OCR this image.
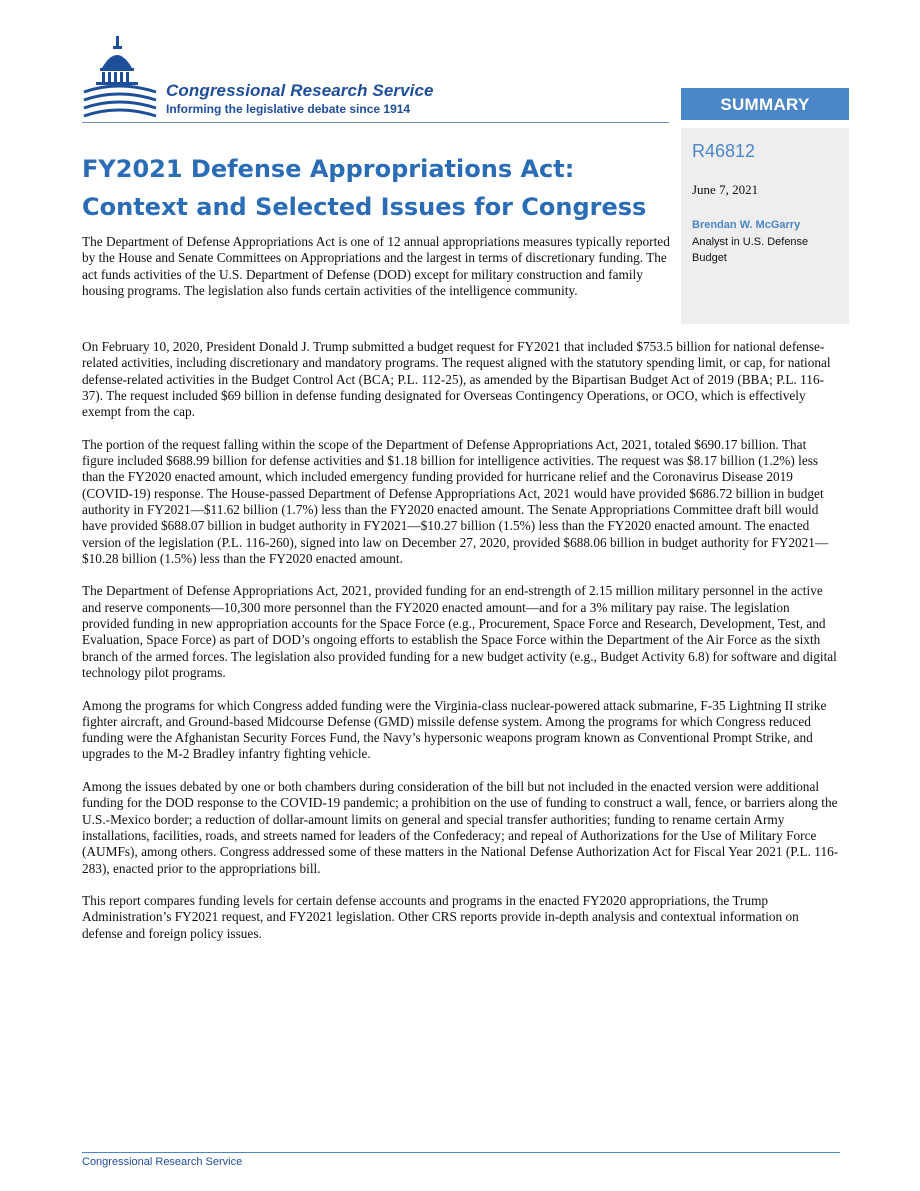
Congressional Research Service
Informing the legislative debate since 1914	SUMMARY
R46812
June 7, 2021
Brendan W. McGarry
Analyst in U.S. Defense Budget
FY2021 Defense Appropriations Act: Context and Selected Issues for Congress

The Department of Defense Appropriations Act is one of 12 annual appropriations measures typically reported by the House and Senate Committees on Appropriations and the largest in terms of discretionary funding. The act funds activities of the U.S. Department of Defense (DOD) except for military construction and family housing programs. The legislation also funds certain activities of the intelligence community.

On February 10, 2020, President Donald J. Trump submitted a budget request for FY2021 that included $753.5 billion for national defense-related activities, including discretionary and mandatory programs. The request aligned with the statutory spending limit, or cap, for national defense-related activities in the Budget Control Act (BCA; P.L. 112-25), as amended by the Bipartisan Budget Act of 2019 (BBA; P.L. 116-37). The request included $69 billion in defense funding designated for Overseas Contingency Operations, or OCO, which is effectively exempt from the cap.

The portion of the request falling within the scope of the Department of Defense Appropriations Act, 2021, totaled $690.17 billion. That figure included $688.99 billion for defense activities and $1.18 billion for intelligence activities. The request was $8.17 billion (1.2%) less than the FY2020 enacted amount, which included emergency funding provided for hurricane relief and the Coronavirus Disease 2019 (COVID-19) response. The House-passed Department of Defense Appropriations Act, 2021 would have provided $686.72 billion in budget authority in FY2021—$11.62 billion (1.7%) less than the FY2020 enacted amount. The Senate Appropriations Committee draft bill would have provided $688.07 billion in budget authority in FY2021—$10.27 billion (1.5%) less than the FY2020 enacted amount. The enacted version of the legislation (P.L. 116-260), signed into law on December 27, 2020, provided $688.06 billion in budget authority for FY2021—$10.28 billion (1.5%) less than the FY2020 enacted amount.

The Department of Defense Appropriations Act, 2021, provided funding for an end-strength of 2.15 million military personnel in the active and reserve components—10,300 more personnel than the FY2020 enacted amount—and for a 3% military pay raise. The legislation provided funding in new appropriation accounts for the Space Force (e.g., Procurement, Space Force and Research, Development, Test, and Evaluation, Space Force) as part of DOD’s ongoing efforts to establish the Space Force within the Department of the Air Force as the sixth branch of the armed forces. The legislation also provided funding for a new budget activity (e.g., Budget Activity 6.8) for software and digital technology pilot programs.

Among the programs for which Congress added funding were the Virginia-class nuclear-powered attack submarine, F-35 Lightning II strike fighter aircraft, and Ground-based Midcourse Defense (GMD) missile defense system. Among the programs for which Congress reduced funding were the Afghanistan Security Forces Fund, the Navy’s hypersonic weapons program known as Conventional Prompt Strike, and upgrades to the M-2 Bradley infantry fighting vehicle.

Among the issues debated by one or both chambers during consideration of the bill but not included in the enacted version were additional funding for the DOD response to the COVID-19 pandemic; a prohibition on the use of funding to construct a wall, fence, or barriers along the U.S.-Mexico border; a reduction of dollar-amount limits on general and special transfer authorities; funding to rename certain Army installations, facilities, roads, and streets named for leaders of the Confederacy; and repeal of Authorizations for the Use of Military Force (AUMFs), among others. Congress addressed some of these matters in the National Defense Authorization Act for Fiscal Year 2021 (P.L. 116-283), enacted prior to the appropriations bill.

This report compares funding levels for certain defense accounts and programs in the enacted FY2020 appropriations, the Trump Administration’s FY2021 request, and FY2021 legislation. Other CRS reports provide in-depth analysis and contextual information on defense and foreign policy issues.

Congressional Research Service
